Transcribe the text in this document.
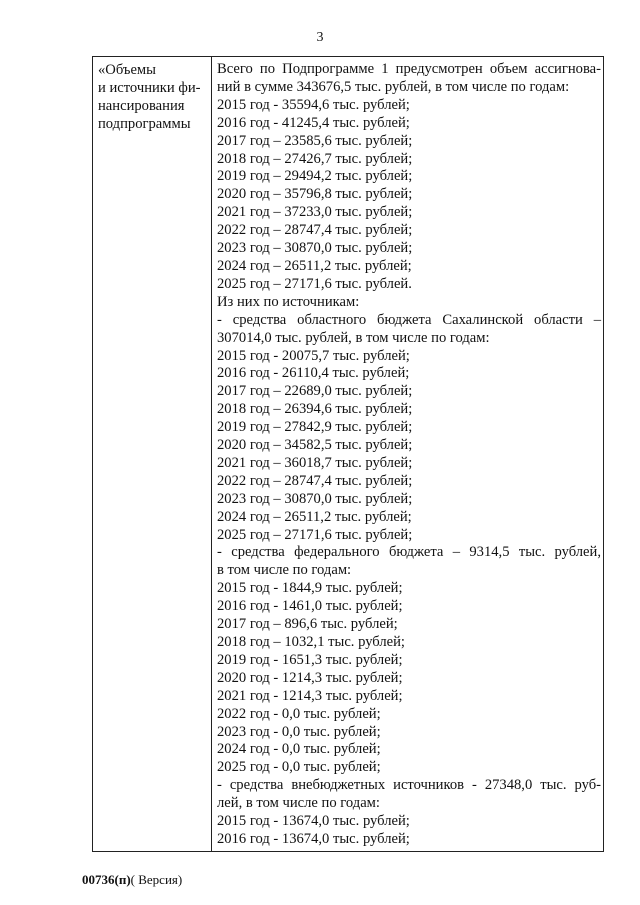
3
«Объемы
и источники фи-
нансирования
подпрограммы
Всего по Подпрограмме 1 предусмотрен объем ассигнова-
ний в сумме 343676,5 тыс. рублей, в том числе по годам:
2015 год - 35594,6 тыс. рублей;
2016 год - 41245,4 тыс. рублей;
2017 год – 23585,6 тыс. рублей;
2018 год – 27426,7 тыс. рублей;
2019 год – 29494,2 тыс. рублей;
2020 год – 35796,8 тыс. рублей;
2021 год – 37233,0 тыс. рублей;
2022 год – 28747,4 тыс. рублей;
2023 год – 30870,0 тыс. рублей;
2024 год – 26511,2 тыс. рублей;
2025 год – 27171,6 тыс. рублей.
Из них по источникам:
- средства областного бюджета Сахалинской области –
307014,0 тыс. рублей, в том числе по годам:
2015 год - 20075,7 тыс. рублей;
2016 год - 26110,4 тыс. рублей;
2017 год – 22689,0 тыс. рублей;
2018 год – 26394,6 тыс. рублей;
2019 год – 27842,9 тыс. рублей;
2020 год – 34582,5 тыс. рублей;
2021 год – 36018,7 тыс. рублей;
2022 год – 28747,4 тыс. рублей;
2023 год – 30870,0 тыс. рублей;
2024 год – 26511,2 тыс. рублей;
2025 год – 27171,6 тыс. рублей;
- средства федерального бюджета – 9314,5 тыс. рублей,
в том числе по годам:
2015 год - 1844,9 тыс. рублей;
2016 год - 1461,0 тыс. рублей;
2017 год – 896,6 тыс. рублей;
2018 год – 1032,1 тыс. рублей;
2019 год - 1651,3 тыс. рублей;
2020 год - 1214,3 тыс. рублей;
2021 год - 1214,3 тыс. рублей;
2022 год - 0,0 тыс. рублей;
2023 год - 0,0 тыс. рублей;
2024 год - 0,0 тыс. рублей;
2025 год - 0,0 тыс. рублей;
- средства внебюджетных источников - 27348,0 тыс. руб-
лей, в том числе по годам:
2015 год - 13674,0 тыс. рублей;
2016 год - 13674,0 тыс. рублей;
00736(п)( Версия)
